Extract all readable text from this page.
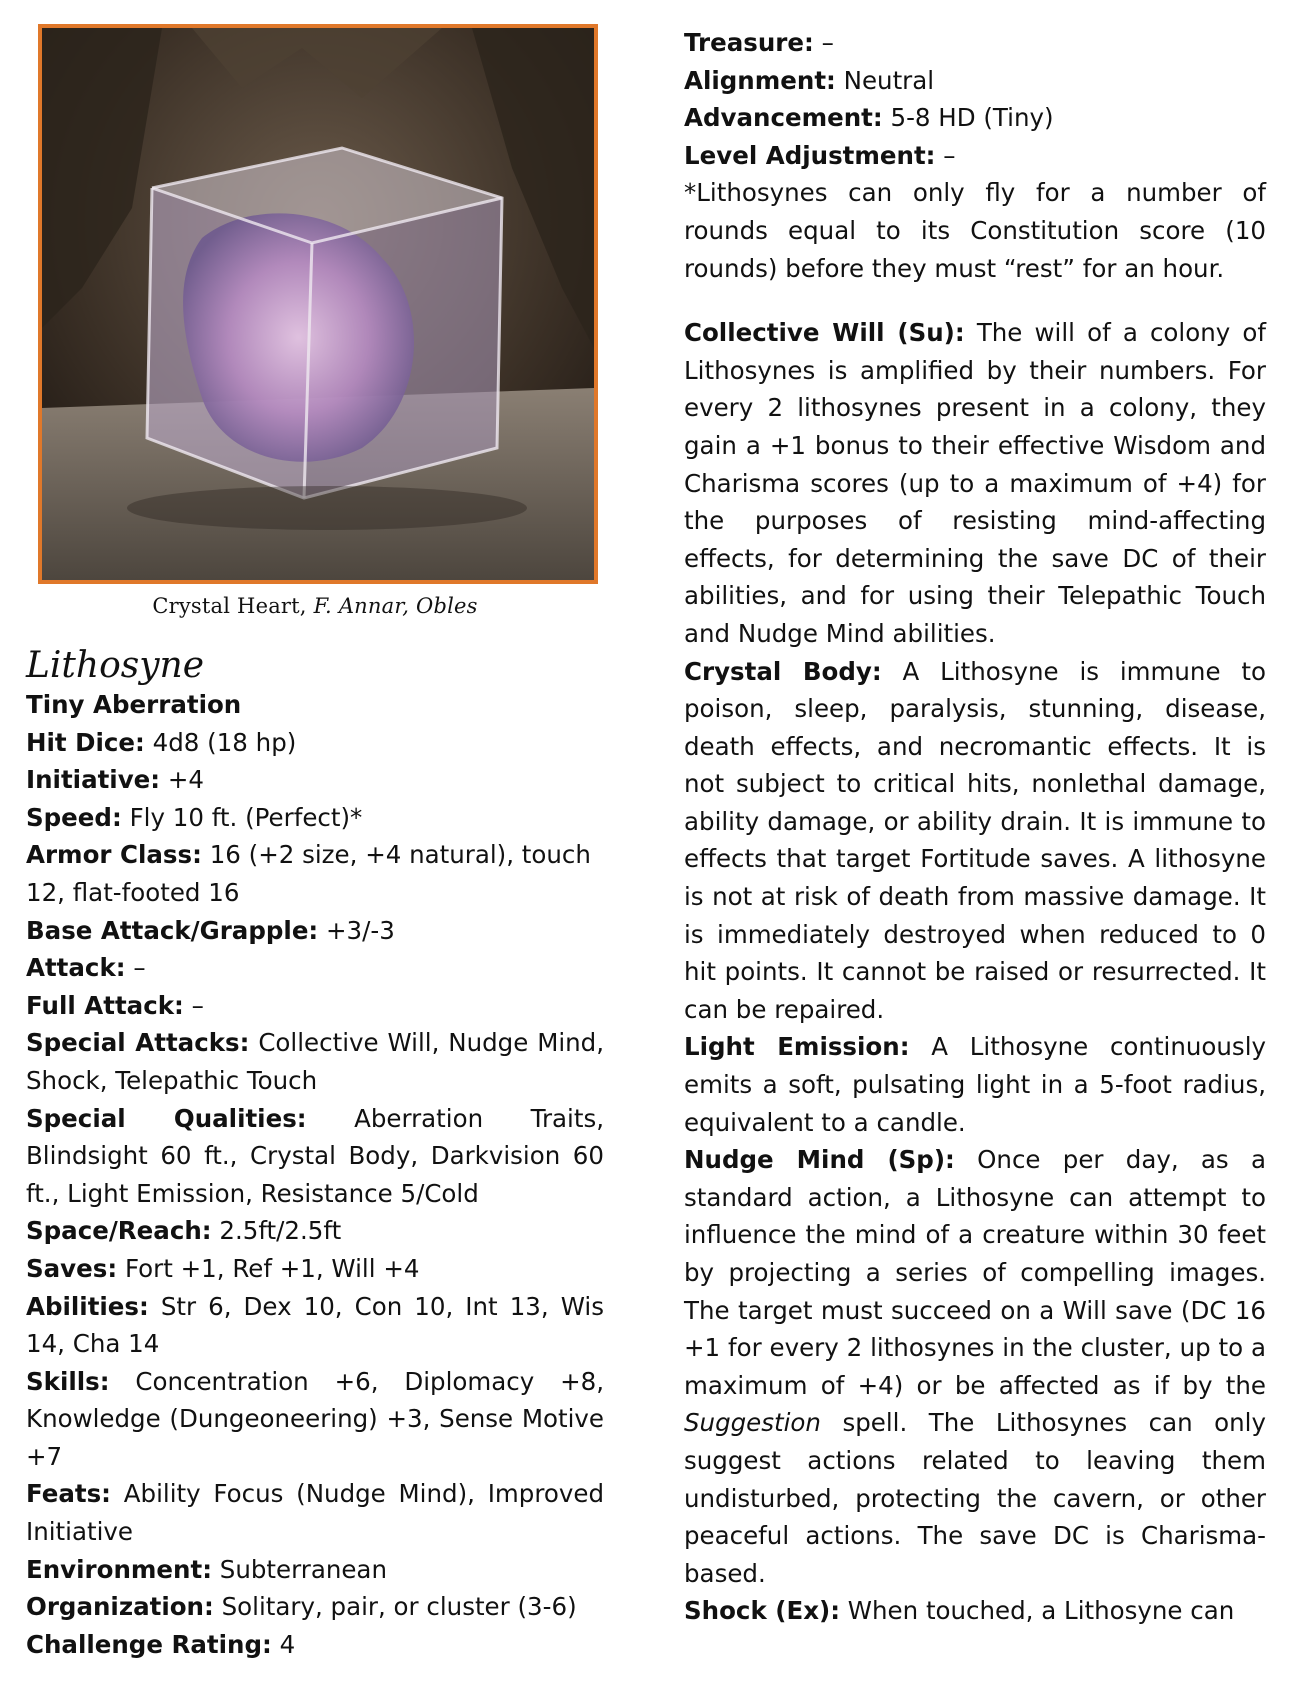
Crystal Heart, F. Annar, Obles
Lithosyne

Tiny Aberration

Hit Dice: 4d8 (18 hp)

Initiative: +4

Speed: Fly 10 ft. (Perfect)*

Armor Class: 16 (+2 size, +4 natural), touch 12, flat-footed 16

Base Attack/Grapple: +3/-3

Attack: –

Full Attack: –

Special Attacks: Collective Will, Nudge Mind, Shock, Telepathic Touch

Special Qualities: Aberration Traits, Blindsight 60 ft., Crystal Body, Darkvision 60 ft., Light Emission, Resistance 5/Cold

Space/Reach: 2.5ft/2.5ft

Saves: Fort +1, Ref +1, Will +4

Abilities: Str 6, Dex 10, Con 10, Int 13, Wis 14, Cha 14

Skills: Concentration +6, Diplomacy +8, Knowledge (Dungeoneering) +3, Sense Motive +7

Feats: Ability Focus (Nudge Mind), Improved Initiative

Environment: Subterranean

Organization: Solitary, pair, or cluster (3-6)

Challenge Rating: 4

Treasure: –

Alignment: Neutral

Advancement: 5-8 HD (Tiny)

Level Adjustment: –

*Lithosynes can only fly for a number of rounds equal to its Constitution score (10 rounds) before they must “rest” for an hour.

Collective Will (Su): The will of a colony of Lithosynes is amplified by their numbers. For every 2 lithosynes present in a colony, they gain a +1 bonus to their effective Wisdom and Charisma scores (up to a maximum of +4) for the purposes of resisting mind-affecting effects, for determining the save DC of their abilities, and for using their Telepathic Touch and Nudge Mind abilities.

Crystal Body: A Lithosyne is immune to poison, sleep, paralysis, stunning, disease, death effects, and necromantic effects. It is not subject to critical hits, nonlethal damage, ability damage, or ability drain. It is immune to effects that target Fortitude saves. A lithosyne is not at risk of death from massive damage. It is immediately destroyed when reduced to 0 hit points. It cannot be raised or resurrected. It can be repaired.

Light Emission: A Lithosyne continuously emits a soft, pulsating light in a 5-foot radius, equivalent to a candle.

Nudge Mind (Sp): Once per day, as a standard action, a Lithosyne can attempt to influence the mind of a creature within 30 feet by projecting a series of compelling images. The target must succeed on a Will save (DC 16 +1 for every 2 lithosynes in the cluster, up to a maximum of +4) or be affected as if by the Suggestion spell. The Lithosynes can only suggest actions related to leaving them undisturbed, protecting the cavern, or other peaceful actions. The save DC is Charisma-based.

Shock (Ex): When touched, a Lithosyne can
